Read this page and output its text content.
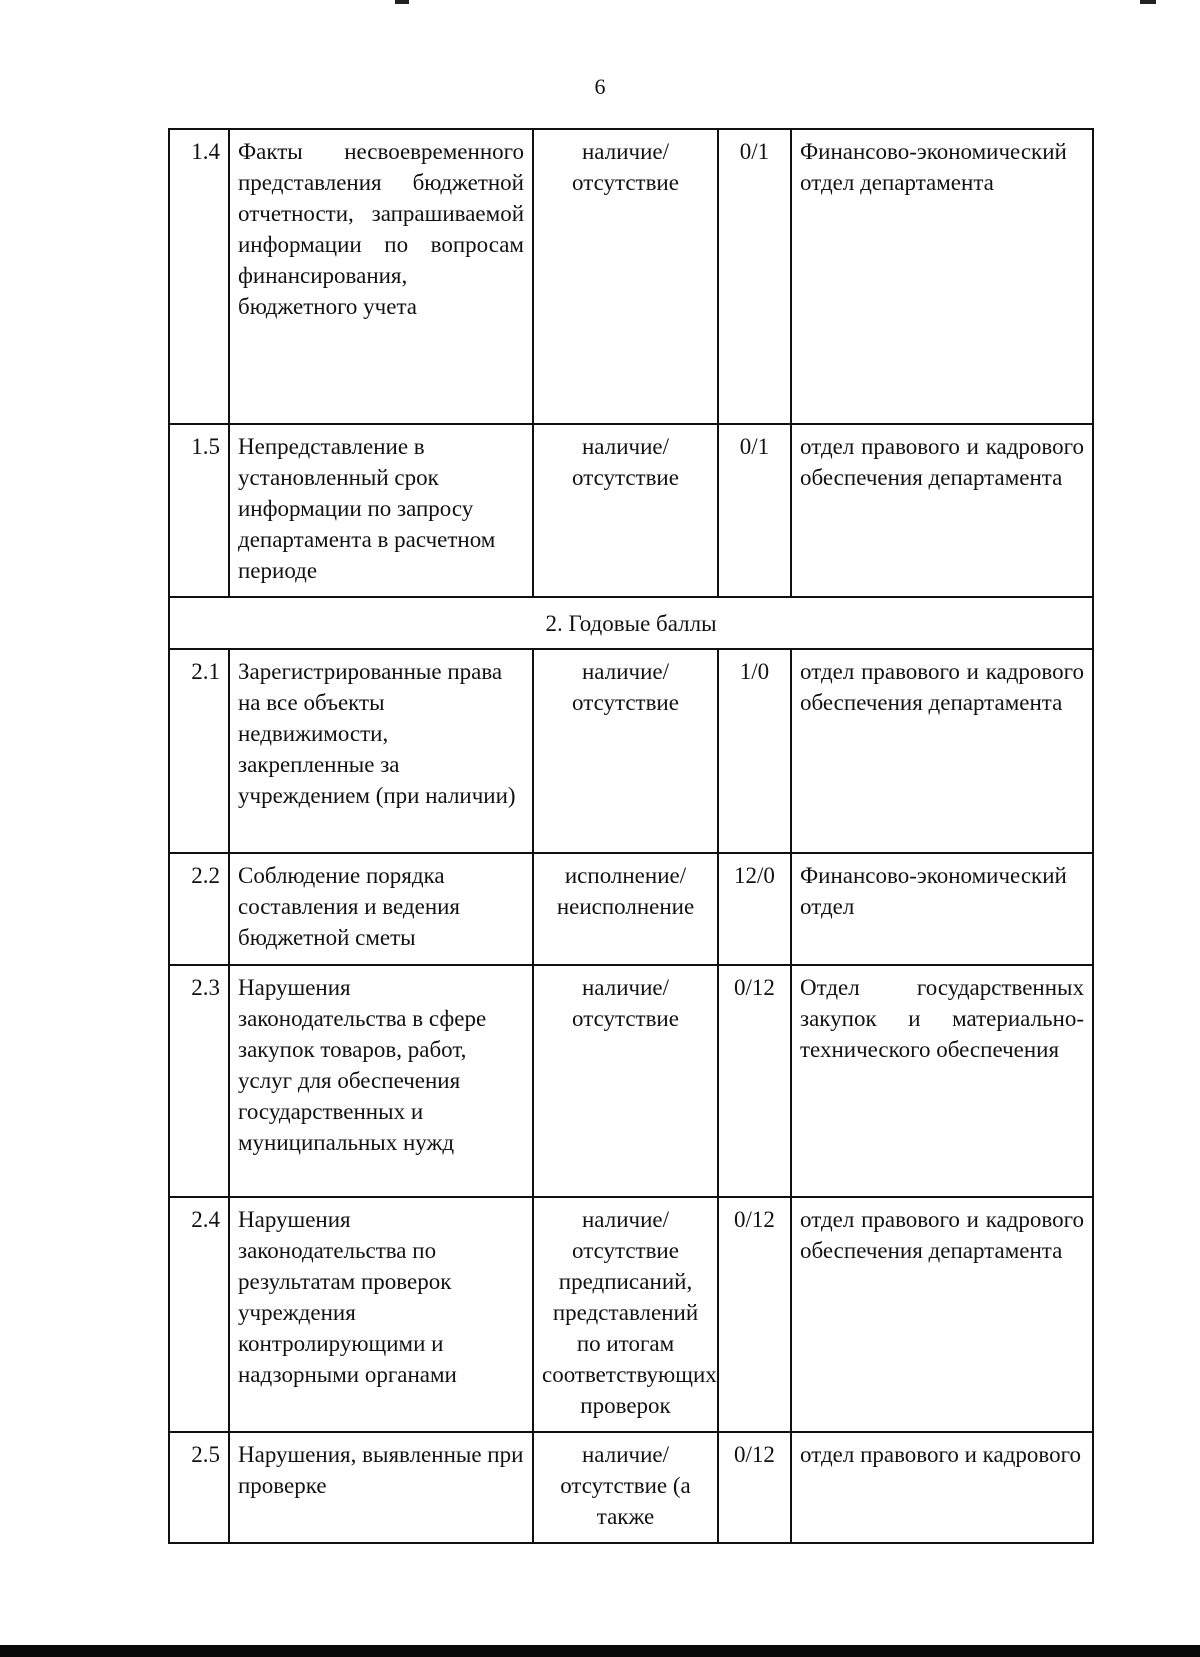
6
1.4	Факты несвоевременного представления бюджетной отчетности, запрашиваемой информации по вопросам финансирования, бюджетного учета	наличие/отсутствие	0/1	Финансово-экономический отдел департамента
1.5	Непредставление в установленный срок информации по запросу департамента в расчетном периоде	наличие/отсутствие	0/1	отдел правового и кадрового обеспечения департамента
2. Годовые баллы				
2.1	Зарегистрированные права на все объекты недвижимости, закрепленные за учреждением (при наличии)	наличие/отсутствие	1/0	отдел правового и кадрового обеспечения департамента
2.2	Соблюдение порядка составления и ведения бюджетной сметы	исполнение/неисполнение	12/0	Финансово-экономический отдел
2.3	Нарушения законодательства в сфере закупок товаров, работ, услуг для обеспечения государственных и муниципальных нужд	наличие/отсутствие	0/12	Отдел государственных закупок и материально-технического обеспечения
2.4	Нарушения законодательства по результатам проверок учреждения контролирующими и надзорными органами	наличие/отсутствие предписаний, представлений по итогам соответствующих проверок	0/12	отдел правового и кадрового обеспечения департамента
2.5	Нарушения, выявленные при проверке	наличие/отсутствие (а также	0/12	отдел правового и кадрового
